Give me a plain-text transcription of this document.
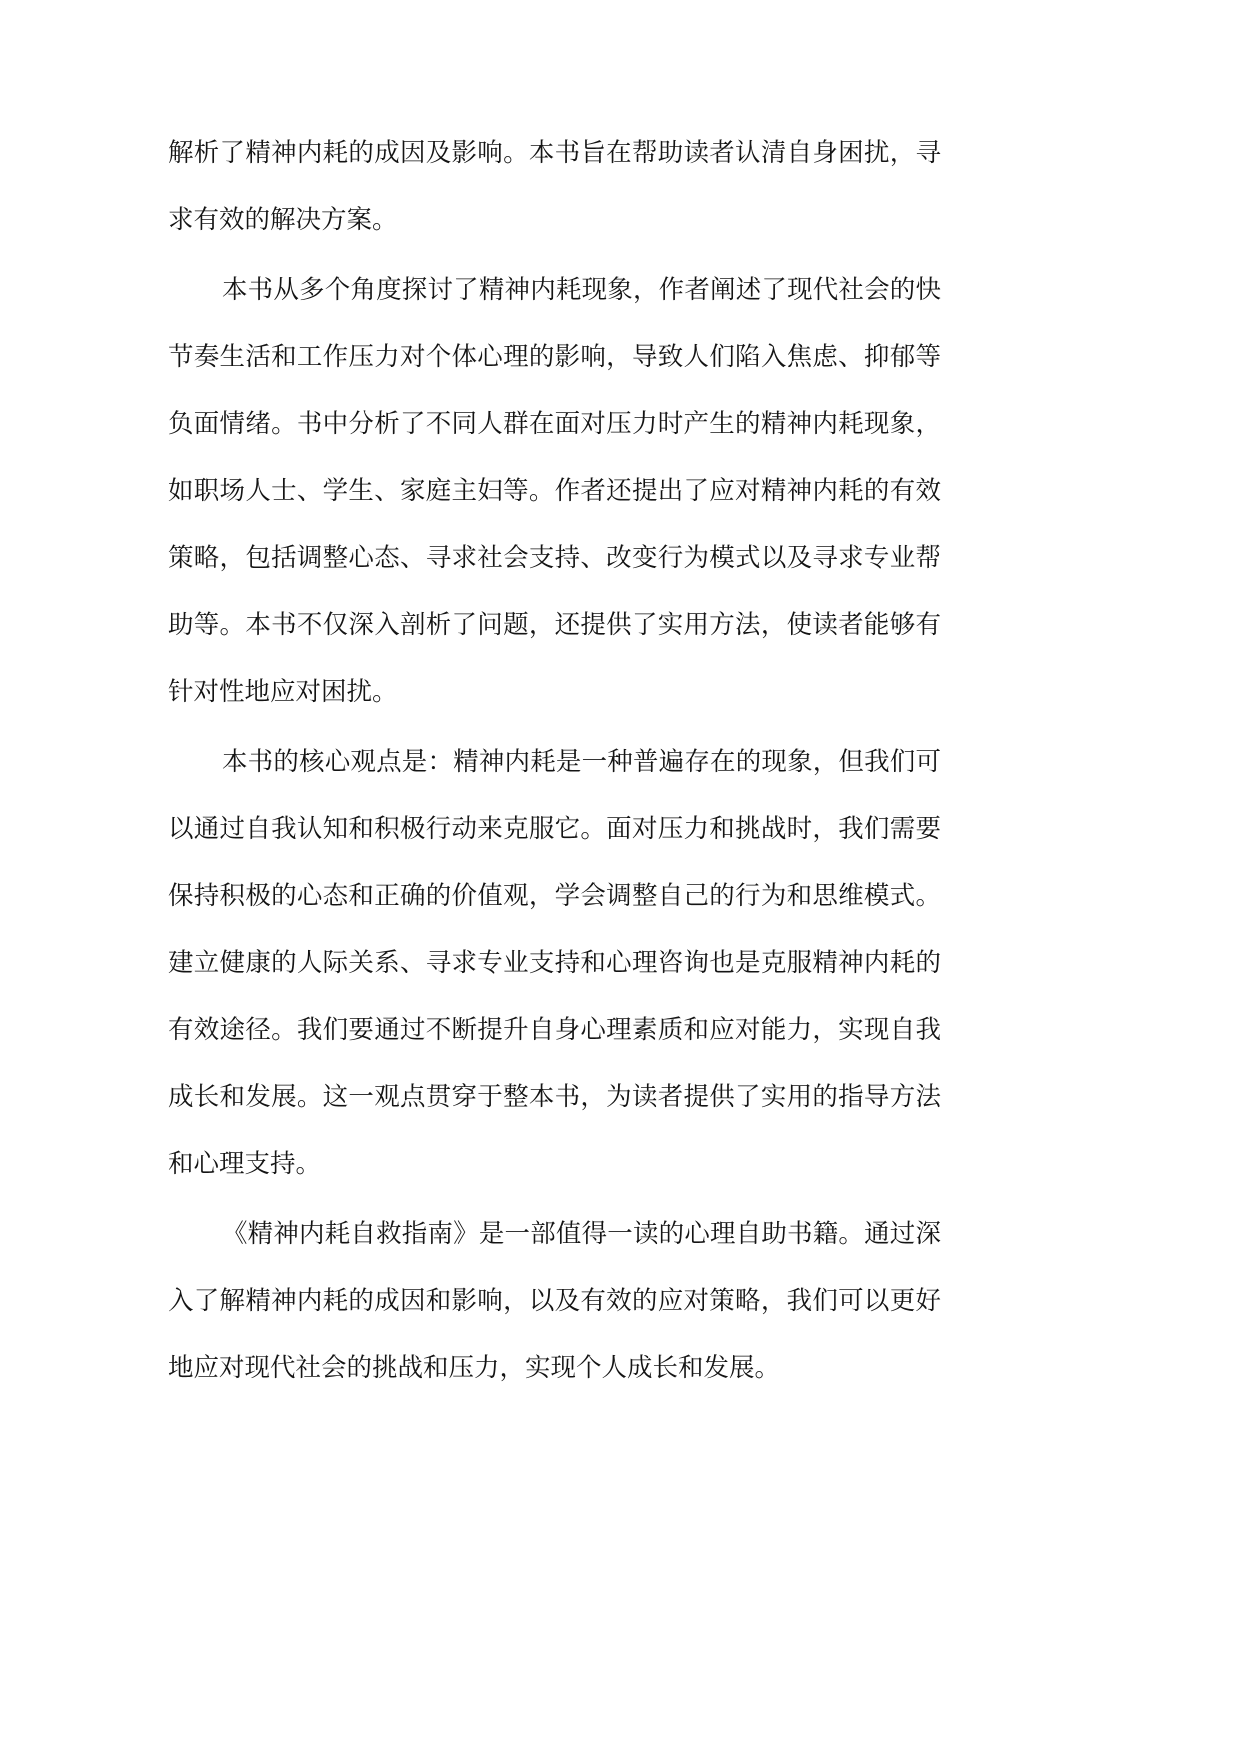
解析了精神内耗的成因及影响。本书旨在帮助读者认清自身困扰，寻
求有效的解决方案。
本书从多个角度探讨了精神内耗现象，作者阐述了现代社会的快
节奏生活和工作压力对个体心理的影响，导致人们陷入焦虑、抑郁等
负面情绪。书中分析了不同人群在面对压力时产生的精神内耗现象，
如职场人士、学生、家庭主妇等。作者还提出了应对精神内耗的有效
策略，包括调整心态、寻求社会支持、改变行为模式以及寻求专业帮
助等。本书不仅深入剖析了问题，还提供了实用方法，使读者能够有
针对性地应对困扰。
本书的核心观点是：精神内耗是一种普遍存在的现象，但我们可
以通过自我认知和积极行动来克服它。面对压力和挑战时，我们需要
保持积极的心态和正确的价值观，学会调整自己的行为和思维模式。
建立健康的人际关系、寻求专业支持和心理咨询也是克服精神内耗的
有效途径。我们要通过不断提升自身心理素质和应对能力，实现自我
成长和发展。这一观点贯穿于整本书，为读者提供了实用的指导方法
和心理支持。
《精神内耗自救指南》是一部值得一读的心理自助书籍。通过深
入了解精神内耗的成因和影响，以及有效的应对策略，我们可以更好
地应对现代社会的挑战和压力，实现个人成长和发展。
